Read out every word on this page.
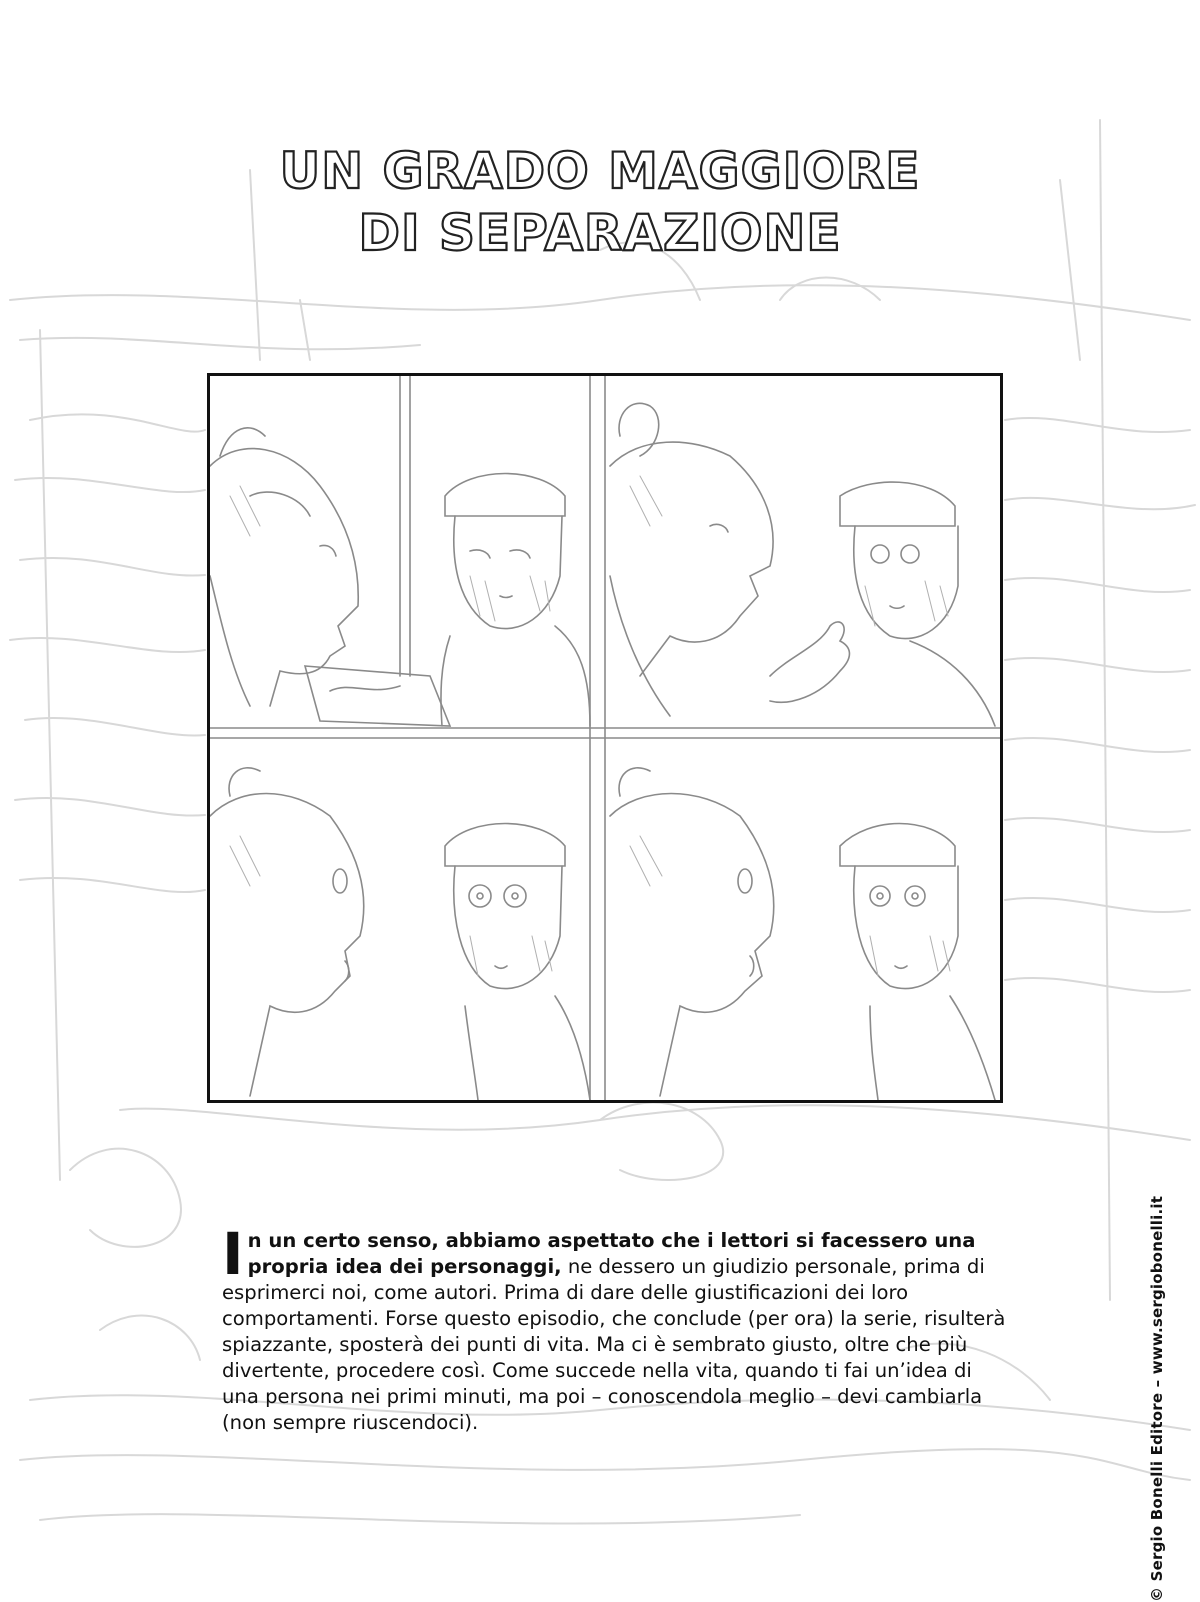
UN GRADO MAGGIORE
DI SEPARAZIONE

In un certo senso, abbiamo aspettato che i lettori si facessero una propria idea dei personaggi, ne dessero un giudizio personale, prima di esprimerci noi, come autori. Prima di dare delle giustificazioni dei loro comportamenti. Forse questo episodio, che conclude (per ora) la serie, risulterà spiazzante, sposterà dei punti di vita. Ma ci è sembrato giusto, oltre che più divertente, procedere così. Come succede nella vita, quando ti fai un’idea di una persona nei primi minuti, ma poi – conoscendola meglio – devi cambiarla (non sempre riuscendoci).	© Sergio Bonelli Editore – www.sergiobonelli.it
